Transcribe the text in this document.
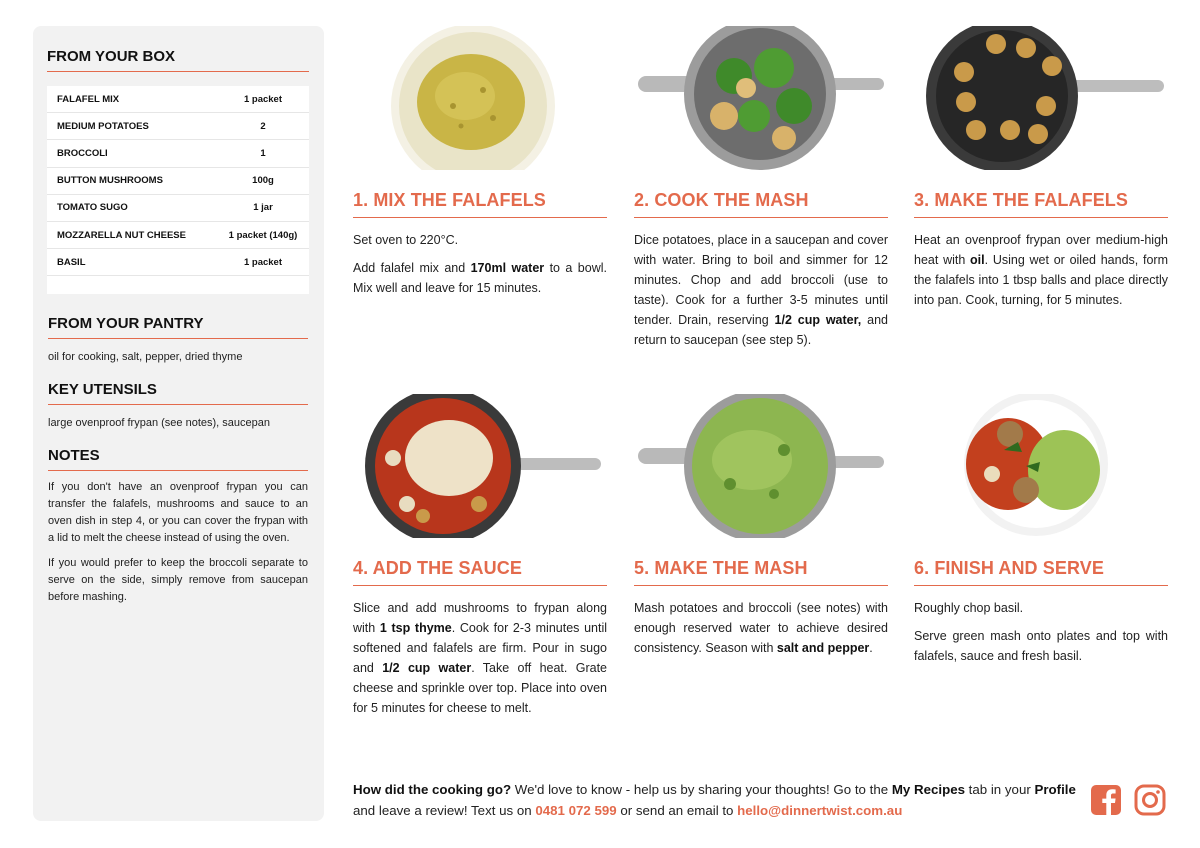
FROM YOUR BOX
FALAFEL MIX	1 packet
MEDIUM POTATOES	2
BROCCOLI	1
BUTTON MUSHROOMS	100g
TOMATO SUGO	1 jar
MOZZARELLA NUT CHEESE	1 packet (140g)
BASIL	1 packet
FROM YOUR PANTRY

oil for cooking, salt, pepper, dried thyme

KEY UTENSILS

large ovenproof frypan (see notes), saucepan

NOTES

If you don't have an ovenproof frypan you can transfer the falafels, mushrooms and sauce to an oven dish in step 4, or you can cover the frypan with a lid to melt the cheese instead of using the oven.

If you would prefer to keep the broccoli separate to serve on the side, simply remove from saucepan before mashing.

1. MIX THE FALAFELS

Set oven to 220°C.

Add falafel mix and 170ml water to a bowl. Mix well and leave for 15 minutes.

2. COOK THE MASH

Dice potatoes, place in a saucepan and cover with water. Bring to boil and simmer for 12 minutes. Chop and add broccoli (use to taste). Cook for a further 3-5 minutes until tender. Drain, reserving 1/2 cup water, and return to saucepan (see step 5).

3. MAKE THE FALAFELS

Heat an ovenproof frypan over medium-high heat with oil. Using wet or oiled hands, form the falafels into 1 tbsp balls and place directly into pan. Cook, turning, for 5 minutes.

4. ADD THE SAUCE

Slice and add mushrooms to frypan along with 1 tsp thyme. Cook for 2-3 minutes until softened and falafels are firm. Pour in sugo and 1/2 cup water. Take off heat. Grate cheese and sprinkle over top. Place into oven for 5 minutes for cheese to melt.

5. MAKE THE MASH

Mash potatoes and broccoli (see notes) with enough reserved water to achieve desired consistency. Season with salt and pepper.

6. FINISH AND SERVE

Roughly chop basil.

Serve green mash onto plates and top with falafels, sauce and fresh basil.

How did the cooking go? We'd love to know - help us by sharing your thoughts! Go to the My Recipes tab in your Profile and leave a review! Text us on 0481 072 599 or send an email to hello@dinnertwist.com.au
